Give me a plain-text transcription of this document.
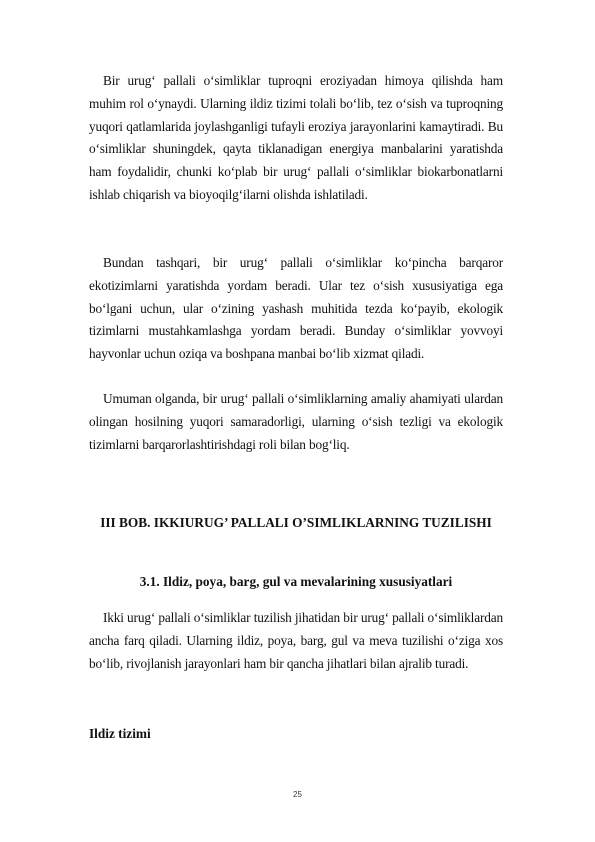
Bir urug‘ pallali o‘simliklar tuproqni eroziyadan himoya qilishda ham muhim rol o‘ynaydi. Ularning ildiz tizimi tolali bo‘lib, tez o‘sish va tuproqning yuqori qatlamlarida joylashganligi tufayli eroziya jarayonlarini kamaytiradi. Bu o‘simliklar shuningdek, qayta tiklanadigan energiya manbalarini yaratishda ham foydalidir, chunki ko‘plab bir urug‘ pallali o‘simliklar biokarbonatlarni ishlab chiqarish va bioyoqilg‘ilarni olishda ishlatiladi.

Bundan tashqari, bir urug‘ pallali o‘simliklar ko‘pincha barqaror ekotizimlarni yaratishda yordam beradi. Ular tez o‘sish xususiyatiga ega bo‘lgani uchun, ular o‘zining yashash muhitida tezda ko‘payib, ekologik tizimlarni mustahkamlashga yordam beradi. Bunday o‘simliklar yovvoyi hayvonlar uchun oziqa va boshpana manbai bo‘lib xizmat qiladi.

Umuman olganda, bir urug‘ pallali o‘simliklarning amaliy ahamiyati ulardan olingan hosilning yuqori samaradorligi, ularning o‘sish tezligi va ekologik tizimlarni barqarorlashtirishdagi roli bilan bog‘liq.

III BOB. IKKIURUG’ PALLALI O’SIMLIKLARNING TUZILISHI
3.1. Ildiz, poya, barg, gul va mevalarining xususiyatlari

Ikki urug‘ pallali o‘simliklar tuzilish jihatidan bir urug‘ pallali o‘simliklardan ancha farq qiladi. Ularning ildiz, poya, barg, gul va meva tuzilishi o‘ziga xos bo‘lib, rivojlanish jarayonlari ham bir qancha jihatlari bilan ajralib turadi.

Ildiz tizimi

25
